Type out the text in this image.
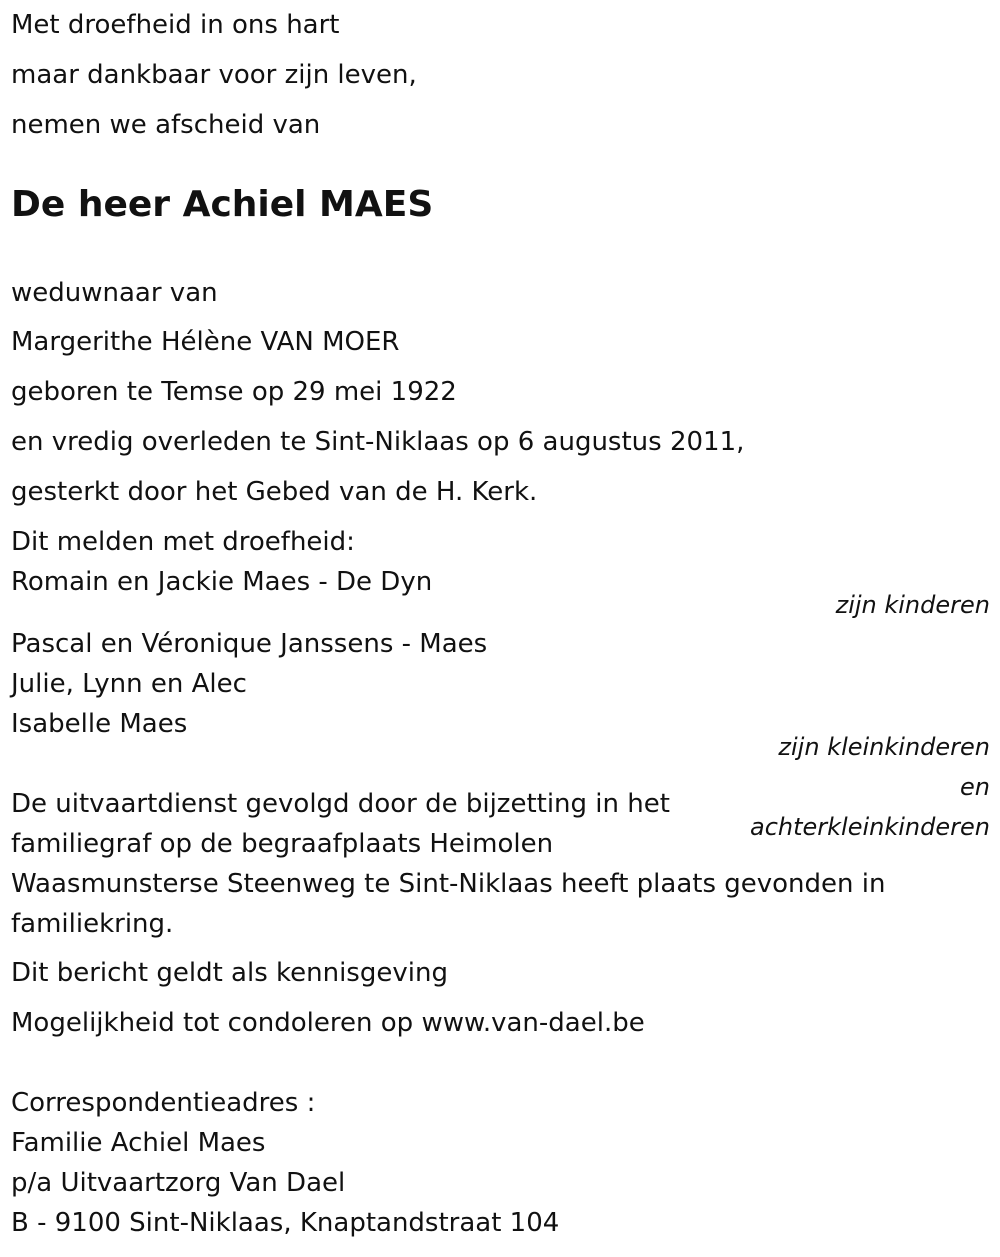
Met droefheid in ons hart
maar dankbaar voor zijn leven,
nemen we afscheid van
De heer Achiel MAES
weduwnaar van
Margerithe Hélène VAN MOER
geboren te Temse op 29 mei 1922
en vredig overleden te Sint-Niklaas op 6 augustus 2011,
gesterkt door het Gebed van de H. Kerk.
Dit melden met droefheid:
Romain en Jackie Maes - De Dyn
zijn kinderen
Pascal en Véronique Janssens - Maes
Julie, Lynn en Alec
Isabelle Maes
zijn kleinkinderen
en
achterkleinkinderen
De uitvaartdienst gevolgd door de bijzetting in het
familiegraf op de begraafplaats Heimolen
Waasmunsterse Steenweg te Sint-Niklaas heeft plaats gevonden in
familiekring.
Dit bericht geldt als kennisgeving
Mogelijkheid tot condoleren op www.van-dael.be
Correspondentieadres :
Familie Achiel Maes
p/a Uitvaartzorg Van Dael
B - 9100 Sint-Niklaas, Knaptandstraat 104
